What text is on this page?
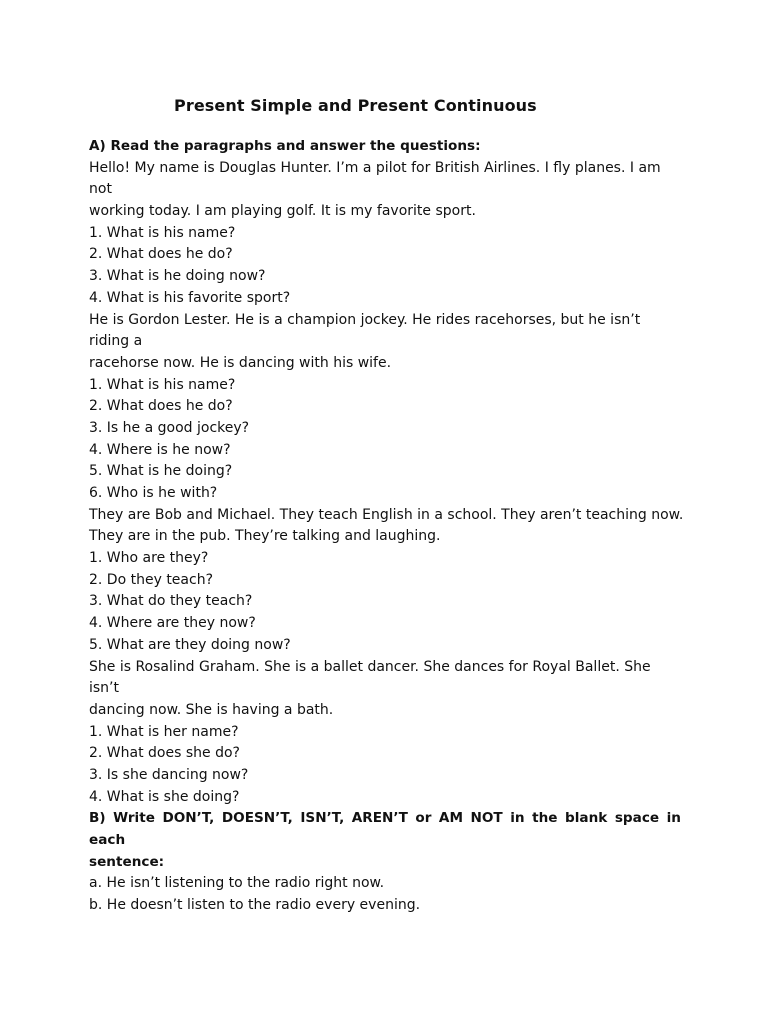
Present Simple and Present Continuous
A) Read the paragraphs and answer the questions:
Hello! My name is Douglas Hunter. I’m a pilot for British Airlines. I fly planes. I am
not
working today. I am playing golf. It is my favorite sport.
1. What is his name?
2. What does he do?
3. What is he doing now?
4. What is his favorite sport?
He is Gordon Lester. He is a champion jockey. He rides racehorses, but he isn’t
riding a
racehorse now. He is dancing with his wife.
1. What is his name?
2. What does he do?
3. Is he a good jockey?
4. Where is he now?
5. What is he doing?
6. Who is he with?
They are Bob and Michael. They teach English in a school. They aren’t teaching now.
They are in the pub. They’re talking and laughing.
1. Who are they?
2. Do they teach?
3. What do they teach?
4. Where are they now?
5. What are they doing now?
She is Rosalind Graham. She is a ballet dancer. She dances for Royal Ballet. She
isn’t
dancing now. She is having a bath.
1. What is her name?
2. What does she do?
3. Is she dancing now?
4. What is she doing?
B) Write DON’T, DOESN’T, ISN’T, AREN’T or AM NOT in the blank space in
each
sentence:
a. He isn’t listening to the radio right now.
b. He doesn’t listen to the radio every evening.
